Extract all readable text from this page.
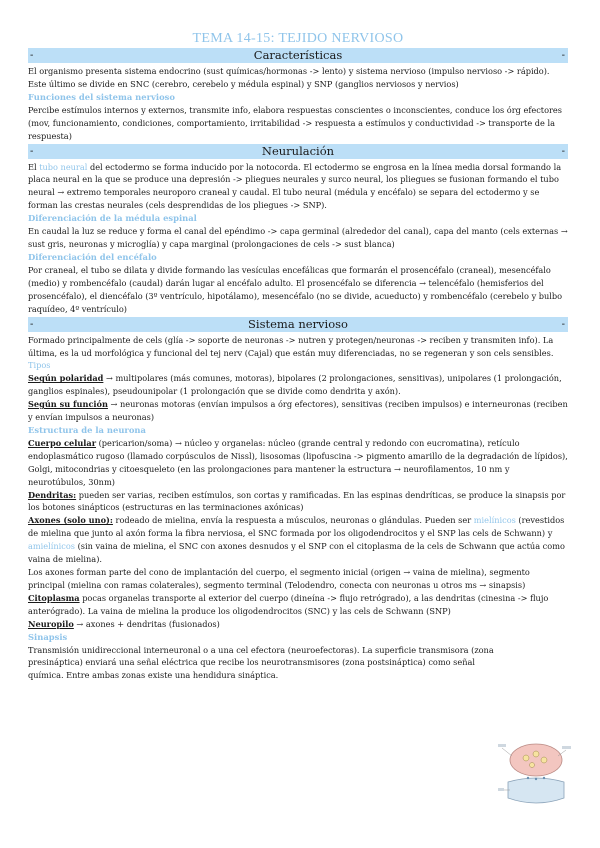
TEMA 14-15: TEJIDO NERVIOSO
-	Características	-

El organismo presenta sistema endocrino (sust químicas/hormonas -> lento) y sistema nervioso (impulso nervioso -> rápido). Este último se divide en SNC (cerebro, cerebelo y médula espinal) y SNP (ganglios nerviosos y nervios)

Funciones del sistema nervioso

Percibe estímulos internos y externos, transmite info, elabora respuestas conscientes o inconscientes, conduce los órg efectores (mov, funcionamiento, condiciones, comportamiento, irritabilidad -> respuesta a estímulos y conductividad -> transporte de la respuesta)

-	Neurulación	-

El tubo neural del ectodermo se forma inducido por la notocorda. El ectodermo se engrosa en la línea media dorsal formando la placa neural en la que se produce una depresión -> pliegues neurales y surco neural, los pliegues se fusionan formando el tubo neural → extremo temporales neuroporo craneal y caudal. El tubo neural (médula y encéfalo) se separa del ectodermo y se forman las crestas neurales (cels desprendidas de los pliegues -> SNP).

Diferenciación de la médula espinal

En caudal la luz se reduce y forma el canal del epéndimo -> capa germinal (alrededor del canal), capa del manto (cels externas → sust gris, neuronas y microglía) y capa marginal (prolongaciones de cels -> sust blanca)

Diferenciación del encéfalo

Por craneal, el tubo se dilata y divide formando las vesículas encefálicas que formarán el prosencéfalo (craneal), mesencéfalo (medio) y rombencéfalo (caudal) darán lugar al encéfalo adulto. El prosencéfalo se diferencia → telencéfalo (hemisferios del prosencéfalo), el diencéfalo (3º ventrículo, hipotálamo), mesencéfalo (no se divide, acueducto) y rombencéfalo (cerebelo y bulbo raquídeo, 4º ventrículo)

-	Sistema nervioso	-

Formado principalmente de cels (glía -> soporte de neuronas -> nutren y protegen/neuronas -> reciben y transmiten info). La última, es la ud morfológica y funcional del tej nerv (Cajal) que están muy diferenciadas, no se regeneran y son cels sensibles. Tipos

Según polaridad → multipolares (más comunes, motoras), bipolares (2 prolongaciones, sensitivas), unipolares (1 prolongación, ganglios espinales), pseudounipolar (1 prolongación que se divide como dendrita y axón).

Según su función → neuronas motoras (envían impulsos a órg efectores), sensitivas (reciben impulsos) e interneuronas (reciben y envían impulsos a neuronas)

Estructura de la neurona

Cuerpo celular (pericarion/soma) → núcleo y organelas: núcleo (grande central y redondo con eucromatina), retículo endoplasmático rugoso (llamado corpúsculos de Nissl), lisosomas (lipofuscina -> pigmento amarillo de la degradación de lípidos), Golgi, mitocondrias y citoesqueleto (en las prolongaciones para mantener la estructura → neurofilamentos, 10 nm y neurotúbulos, 30nm)

Dendritas: pueden ser varias, reciben estímulos, son cortas y ramificadas. En las espinas dendríticas, se produce la sinapsis por los botones sinápticos (estructuras en las terminaciones axónicas)

Axones (solo uno): rodeado de mielina, envía la respuesta a músculos, neuronas o glándulas. Pueden ser mielínicos (revestidos de mielina que junto al axón forma la fibra nerviosa, el SNC formada por los oligodendrocitos y el SNP las cels de Schwann) y amielínicos (sin vaina de mielina, el SNC con axones desnudos y el SNP con el citoplasma de la cels de Schwann que actúa como vaina de mielina).

Los axones forman parte del cono de implantación del cuerpo, el segmento inicial (origen → vaina de mielina), segmento principal (mielina con ramas colaterales), segmento terminal (Telodendro, conecta con neuronas u otros ms → sinapsis)

Citoplasma pocas organelas transporte al exterior del cuerpo (dineína -> flujo retrógrado), a las dendritas (cinesina -> flujo anterógrado). La vaina de mielina la produce los oligodendrocitos (SNC) y las cels de Schwann (SNP)

Neuropilo → axones + dendritas (fusionados)

Sinapsis

Transmisión unidireccional interneuronal o a una cel efectora (neuroefectoras). La superficie transmisora (zona presináptica) enviará una señal eléctrica que recibe los neurotransmisores (zona postsináptica) como señal química. Entre ambas zonas existe una hendidura sináptica.
